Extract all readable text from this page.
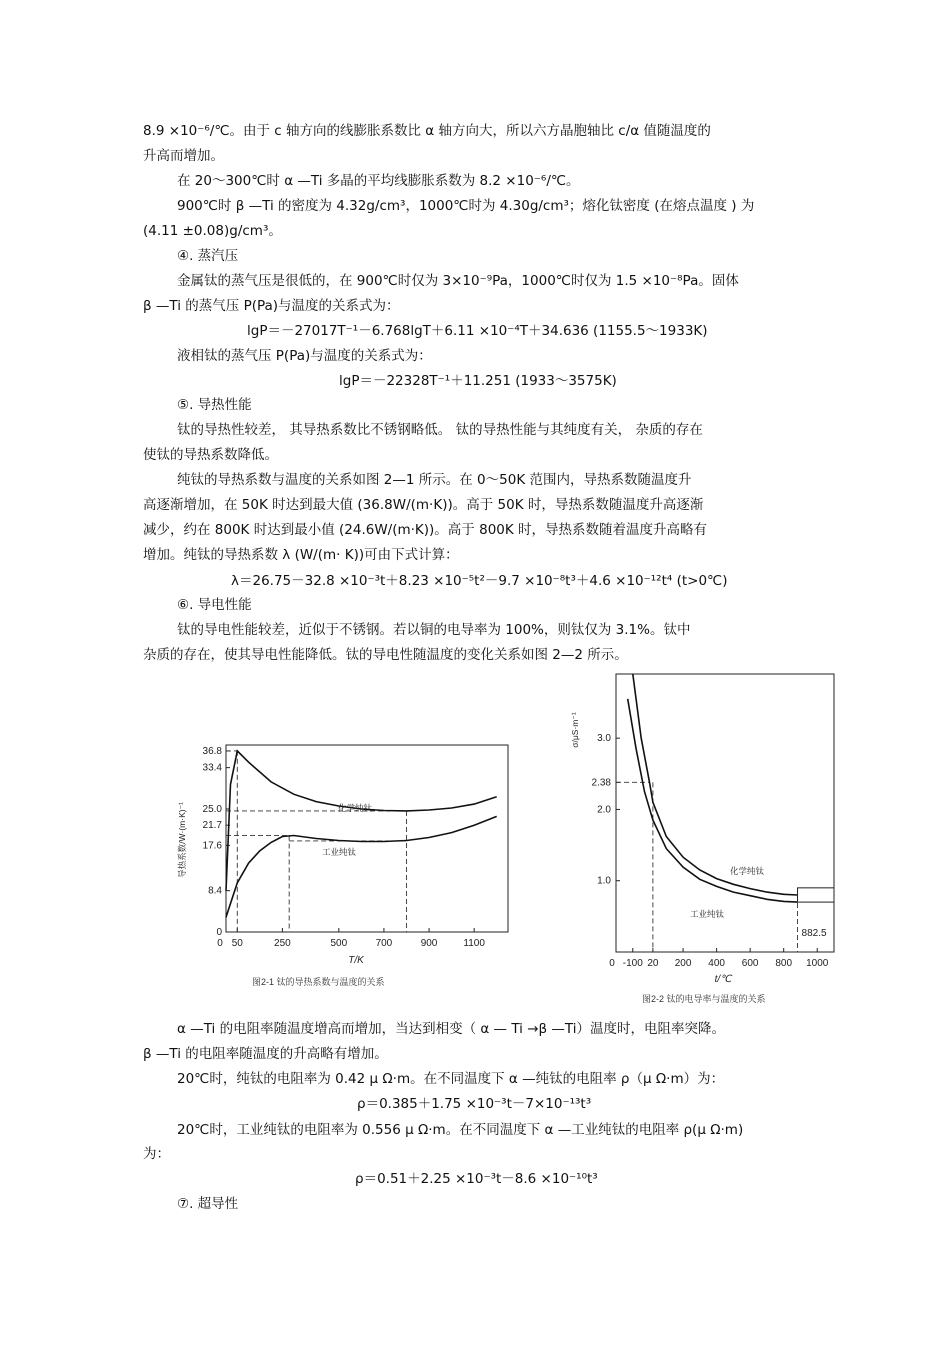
8.9 ×10⁻⁶/℃。由于 c 轴方向的线膨胀系数比 α 轴方向大，所以六方晶胞轴比 c/α 值随温度的
升高而增加。
在 20～300℃时 α —Ti 多晶的平均线膨胀系数为 8.2 ×10⁻⁶/℃。
900℃时 β —Ti 的密度为 4.32g/cm³，1000℃时为 4.30g/cm³；熔化钛密度 (在熔点温度 ) 为
(4.11 ±0.08)g/cm³。
④. 蒸汽压
金属钛的蒸气压是很低的，在 900℃时仅为 3×10⁻⁹Pa，1000℃时仅为 1.5 ×10⁻⁸Pa。固体
β —Ti 的蒸气压 P(Pa)与温度的关系式为：
lgP＝－27017T⁻¹－6.768lgT＋6.11 ×10⁻⁴T＋34.636 (1155.5～1933K)
液相钛的蒸气压 P(Pa)与温度的关系式为：
lgP＝－22328T⁻¹＋11.251 (1933～3575K)
⑤. 导热性能
钛的导热性较差， 其导热系数比不锈钢略低。 钛的导热性能与其纯度有关， 杂质的存在
使钛的导热系数降低。
纯钛的导热系数与温度的关系如图 2—1 所示。在 0～50K 范围内，导热系数随温度升
高逐渐增加，在 50K 时达到最大值 (36.8W/(m·K))。高于 50K 时，导热系数随温度升高逐渐
减少，约在 800K 时达到最小值 (24.6W/(m·K))。高于 800K 时，导热系数随着温度升高略有
增加。纯钛的导热系数 λ (W/(m· K))可由下式计算：
λ＝26.75－32.8 ×10⁻³t＋8.23 ×10⁻⁵t²－9.7 ×10⁻⁸t³＋4.6 ×10⁻¹²t⁴ (t>0℃)
⑥. 导电性能
钛的导电性能较差，近似于不锈钢。若以铜的电导率为 100%，则钛仅为 3.1%。钛中
杂质的存在，使其导电性能降低。钛的导电性随温度的变化关系如图 2—2 所示。
0
8.4
17.6
21.7
25.0
33.4
36.8
0 50	250	500	700	900	1100
化学纯钛
工业纯钛
T/K
导热系数/W·(m·K)⁻¹
图2-1 钛的导热系数与温度的关系
1.0
2.0
2.38
3.0
0 -100 20 200 400 600 800 1000
化学纯钛
工业纯钛
882.5
t/℃
σ/μS·m⁻¹
图2-2 钛的电导率与温度的关系
α —Ti 的电阻率随温度增高而增加，当达到相变（ α — Ti →β —Ti）温度时，电阻率突降。
β —Ti 的电阻率随温度的升高略有增加。
20℃时，纯钛的电阻率为 0.42 μ Ω·m。在不同温度下 α —纯钛的电阻率 ρ（μ Ω·m）为：
ρ＝0.385＋1.75 ×10⁻³t－7×10⁻¹³t³
20℃时，工业纯钛的电阻率为 0.556 μ Ω·m。在不同温度下 α —工业纯钛的电阻率 ρ(μ Ω·m)
为：
ρ＝0.51＋2.25 ×10⁻³t－8.6 ×10⁻¹⁰t³
⑦. 超导性
